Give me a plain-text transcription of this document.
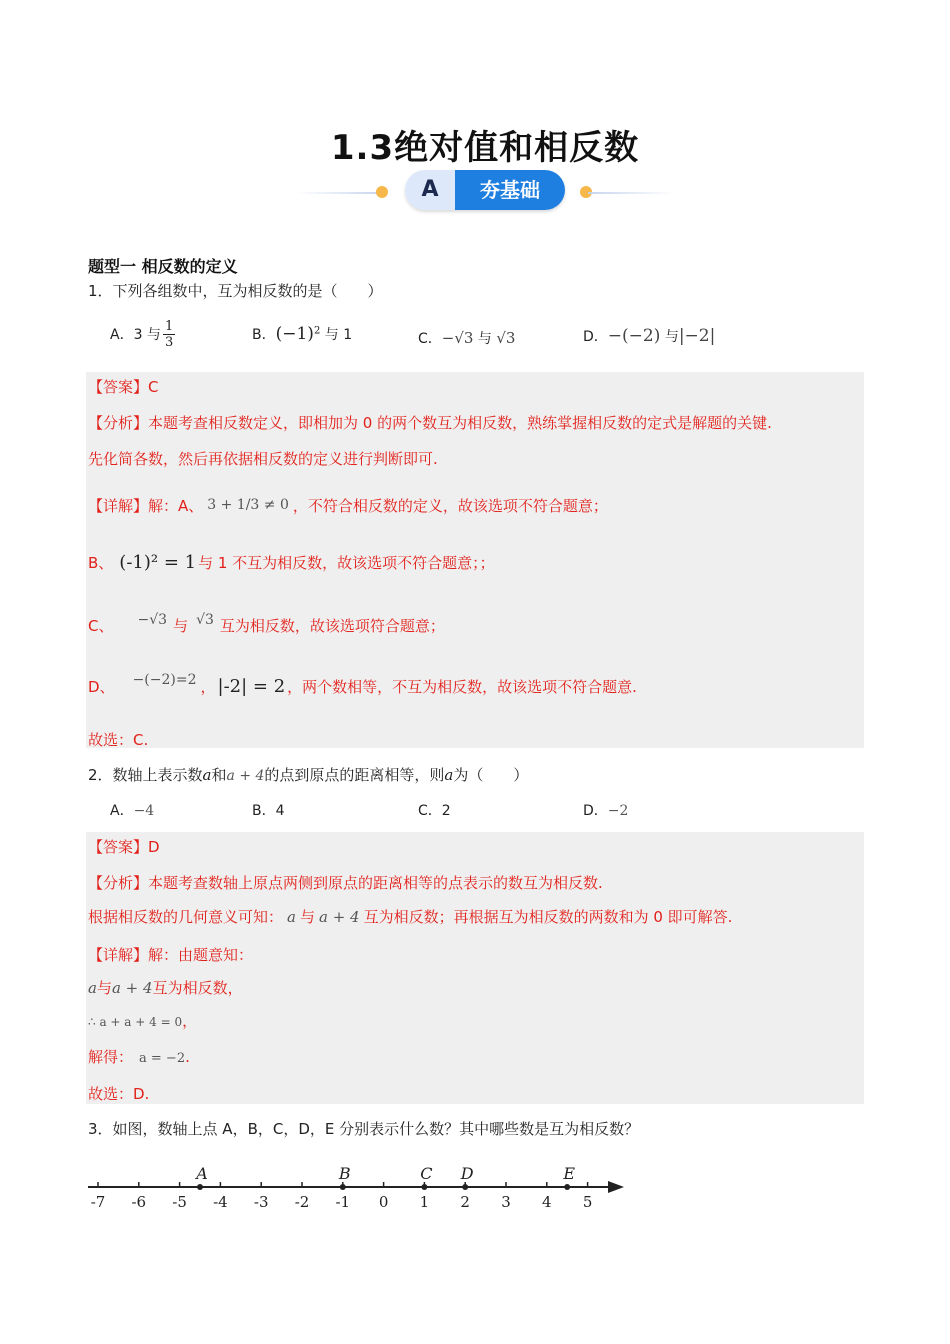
1.3绝对值和相反数
A	夯基础
题型一 相反数的定义
1．下列各组数中，互为相反数的是（　　）
A．3 与 $\frac{1}{3}$	B．$(-1)^2$ 与 1	C．−√3 与 √3	D．−(−2) 与|−2|
【答案】C
【分析】本题考查相反数定义，即相加为 0 的两个数互为相反数，熟练掌握相反数的定式是解题的关键.
先化简各数，然后再依据相反数的定义进行判断即可.
【详解】解：A、 3 + 1/3 ≠ 0 ，不符合相反数的定义，故该选项不符合题意；
B、 (-1)² = 1 与 1 不互为相反数，故该选项不符合题意；；
C、 −√3 与 √3 互为相反数，故该选项符合题意；
D、 −(−2)=2 ， |-2| = 2 ，两个数相等，不互为相反数，故该选项不符合题意.
故选：C.
2．数轴上表示数a和a + 4的点到原点的距离相等，则a为（　　）
A．−4	B．4	C．2	D．−2
【答案】D
【分析】本题考查数轴上原点两侧到原点的距离相等的点表示的数互为相反数.
根据相反数的几何意义可知： a 与 a + 4 互为相反数；再根据互为相反数的两数和为 0 即可解答.
【详解】解：由题意知：
a与a + 4互为相反数，
∴ a + a + 4 = 0，
解得： a = −2.
故选：D.
3．如图，数轴上点 A，B，C，D，E 分别表示什么数？其中哪些数是互为相反数？
-7 -6 -5 -4 -3 -2 -1 0 1 2 3 4 5
A	B	C D	E
